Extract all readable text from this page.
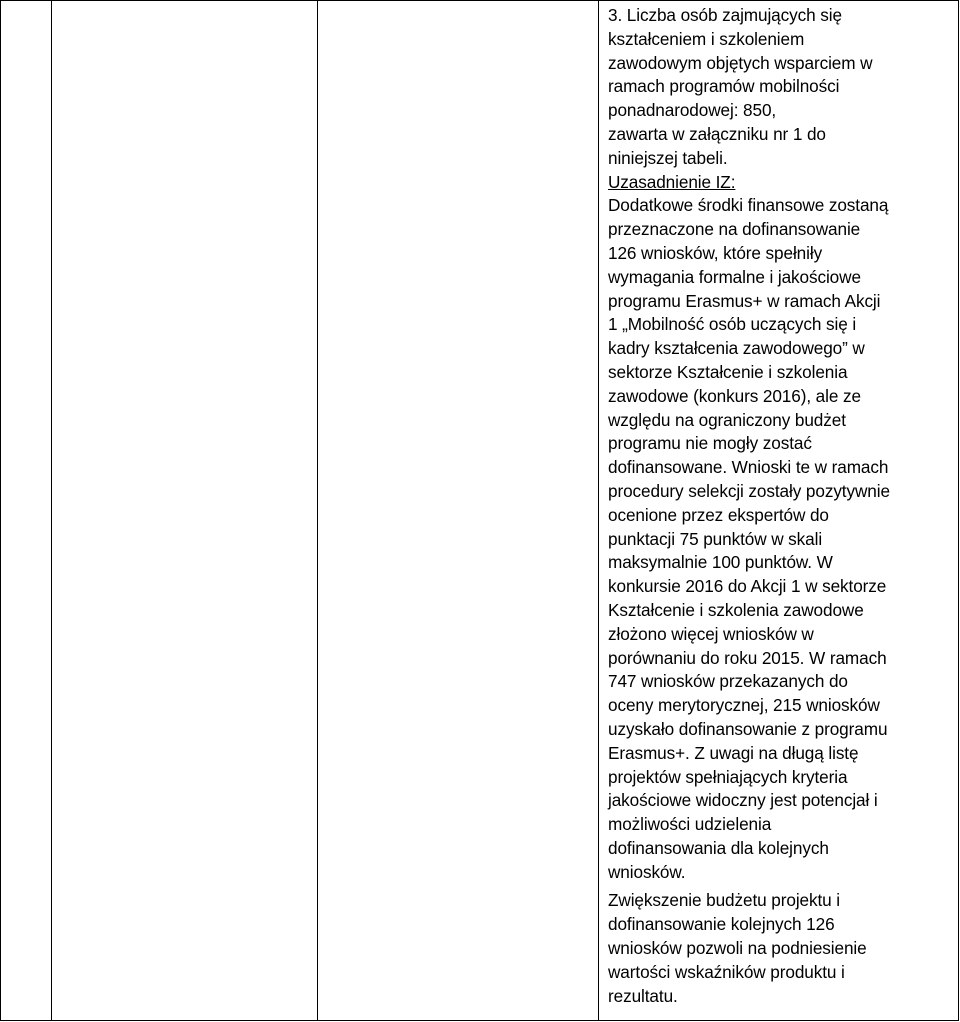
3. Liczba osób zajmujących się
kształceniem i szkoleniem
zawodowym objętych wsparciem w
ramach programów mobilności
ponadnarodowej: 850,
zawarta w załączniku nr 1 do
niniejszej tabeli.
Uzasadnienie IZ:
Dodatkowe środki finansowe zostaną
przeznaczone na dofinansowanie
126 wniosków, które spełniły
wymagania formalne i jakościowe
programu Erasmus+ w ramach Akcji
1 „Mobilność osób uczących się i
kadry kształcenia zawodowego” w
sektorze Kształcenie i szkolenia
zawodowe (konkurs 2016), ale ze
względu na ograniczony budżet
programu nie mogły zostać
dofinansowane. Wnioski te w ramach
procedury selekcji zostały pozytywnie
ocenione przez ekspertów do
punktacji 75 punktów w skali
maksymalnie 100 punktów. W
konkursie 2016 do Akcji 1 w sektorze
Kształcenie i szkolenia zawodowe
złożono więcej wniosków w
porównaniu do roku 2015. W ramach
747 wniosków przekazanych do
oceny merytorycznej, 215 wniosków
uzyskało dofinansowanie z programu
Erasmus+. Z uwagi na długą listę
projektów spełniających kryteria
jakościowe widoczny jest potencjał i
możliwości udzielenia
dofinansowania dla kolejnych
wniosków.
Zwiększenie budżetu projektu i
dofinansowanie kolejnych 126
wniosków pozwoli na podniesienie
wartości wskaźników produktu i
rezultatu.
